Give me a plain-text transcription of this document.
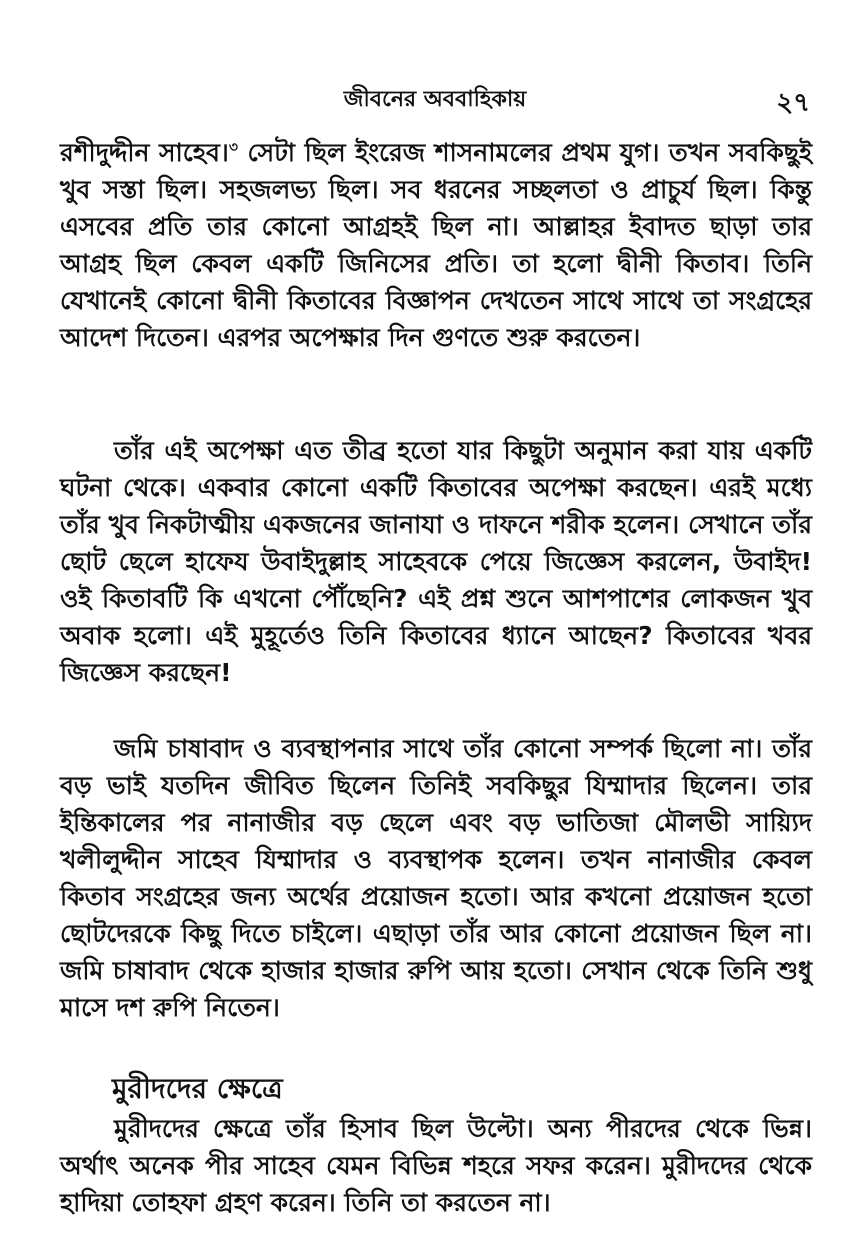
জীবনের অববাহিকায়	২৭

রশীদুদ্দীন সাহেব।$^৩$ সেটা ছিল ইংরেজ শাসনামলের প্রথম যুগ। তখন সবকিছুই খুব সস্তা ছিল। সহজলভ্য ছিল। সব ধরনের সচ্ছলতা ও প্রাচুর্য ছিল। কিন্তু এসবের প্রতি তার কোনো আগ্রহই ছিল না। আল্লাহর ইবাদত ছাড়া তার আগ্রহ ছিল কেবল একটি জিনিসের প্রতি। তা হলো দ্বীনী কিতাব। তিনি যেখানেই কোনো দ্বীনী কিতাবের বিজ্ঞাপন দেখতেন সাথে সাথে তা সংগ্রহের আদেশ দিতেন। এরপর অপেক্ষার দিন গুণতে শুরু করতেন।

তাঁর এই অপেক্ষা এত তীব্র হতো যার কিছুটা অনুমান করা যায় একটি ঘটনা থেকে। একবার কোনো একটি কিতাবের অপেক্ষা করছেন। এরই মধ্যে তাঁর খুব নিকটাত্মীয় একজনের জানাযা ও দাফনে শরীক হলেন। সেখানে তাঁর ছোট ছেলে হাফেয উবাইদুল্লাহ সাহেবকে পেয়ে জিজ্ঞেস করলেন, উবাইদ! ওই কিতাবটি কি এখনো পৌঁছেনি? এই প্রশ্ন শুনে আশপাশের লোকজন খুব অবাক হলো। এই মুহূর্তেও তিনি কিতাবের ধ্যানে আছেন? কিতাবের খবর জিজ্ঞেস করছেন!

জমি চাষাবাদ ও ব্যবস্থাপনার সাথে তাঁর কোনো সম্পর্ক ছিলো না। তাঁর বড় ভাই যতদিন জীবিত ছিলেন তিনিই সবকিছুর যিম্মাদার ছিলেন। তার ইন্তিকালের পর নানাজীর বড় ছেলে এবং বড় ভাতিজা মৌলভী সায়্যিদ খলীলুদ্দীন সাহেব যিম্মাদার ও ব্যবস্থাপক হলেন। তখন নানাজীর কেবল কিতাব সংগ্রহের জন্য অর্থের প্রয়োজন হতো। আর কখনো প্রয়োজন হতো ছোটদেরকে কিছু দিতে চাইলে। এছাড়া তাঁর আর কোনো প্রয়োজন ছিল না। জমি চাষাবাদ থেকে হাজার হাজার রুপি আয় হতো। সেখান থেকে তিনি শুধু মাসে দশ রুপি নিতেন।

মুরীদদের ক্ষেত্রে

মুরীদদের ক্ষেত্রে তাঁর হিসাব ছিল উল্টো। অন্য পীরদের থেকে ভিন্ন। অর্থাৎ অনেক পীর সাহেব যেমন বিভিন্ন শহরে সফর করেন। মুরীদদের থেকে হাদিয়া তোহফা গ্রহণ করেন। তিনি তা করতেন না।
